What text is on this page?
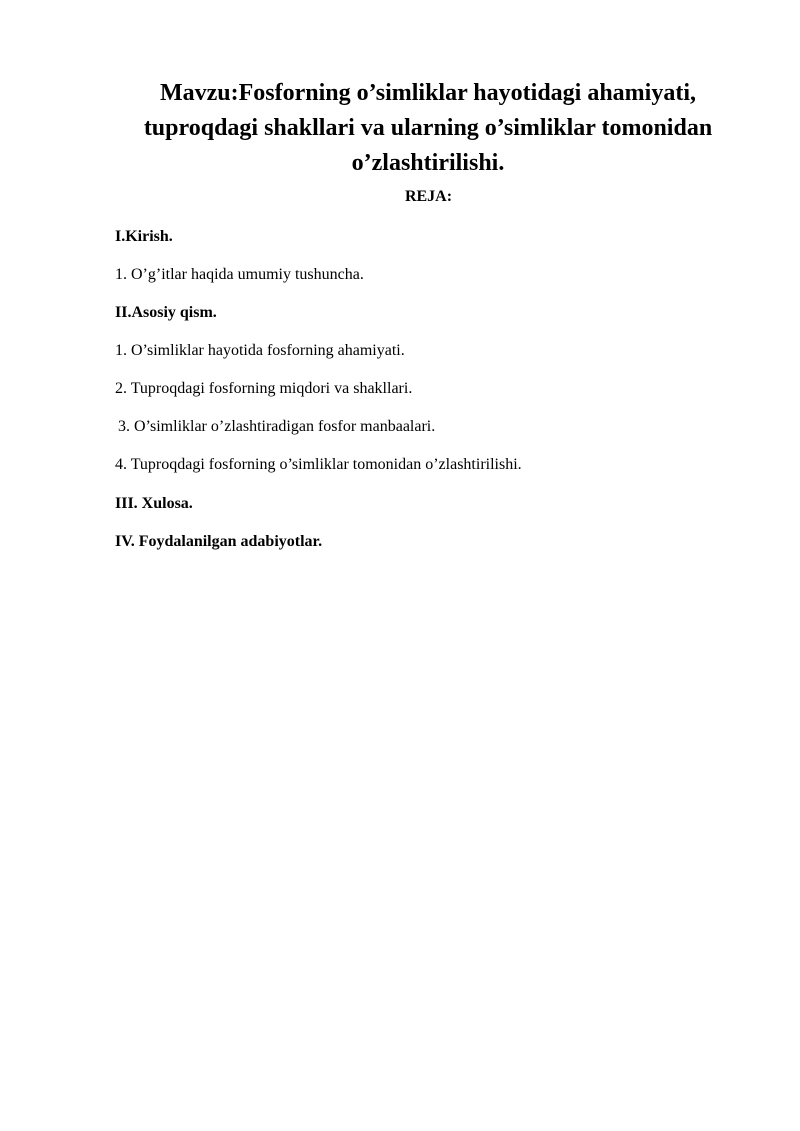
Mavzu:Fosforning o’simliklar hayotidagi ahamiyati, tuproqdagi shakllari va ularning o’simliklar tomonidan o’zlashtirilishi.

REJA:

I.Kirish.

1. O’g’itlar haqida umumiy tushuncha.

II.Asosiy qism.

1. O’simliklar hayotida fosforning ahamiyati.

2. Tuproqdagi fosforning miqdori va shakllari.

3. O’simliklar o’zlashtiradigan fosfor manbaalari.

4. Tuproqdagi fosforning o’simliklar tomonidan o’zlashtirilishi.

III. Xulosa.

IV. Foydalanilgan adabiyotlar.
